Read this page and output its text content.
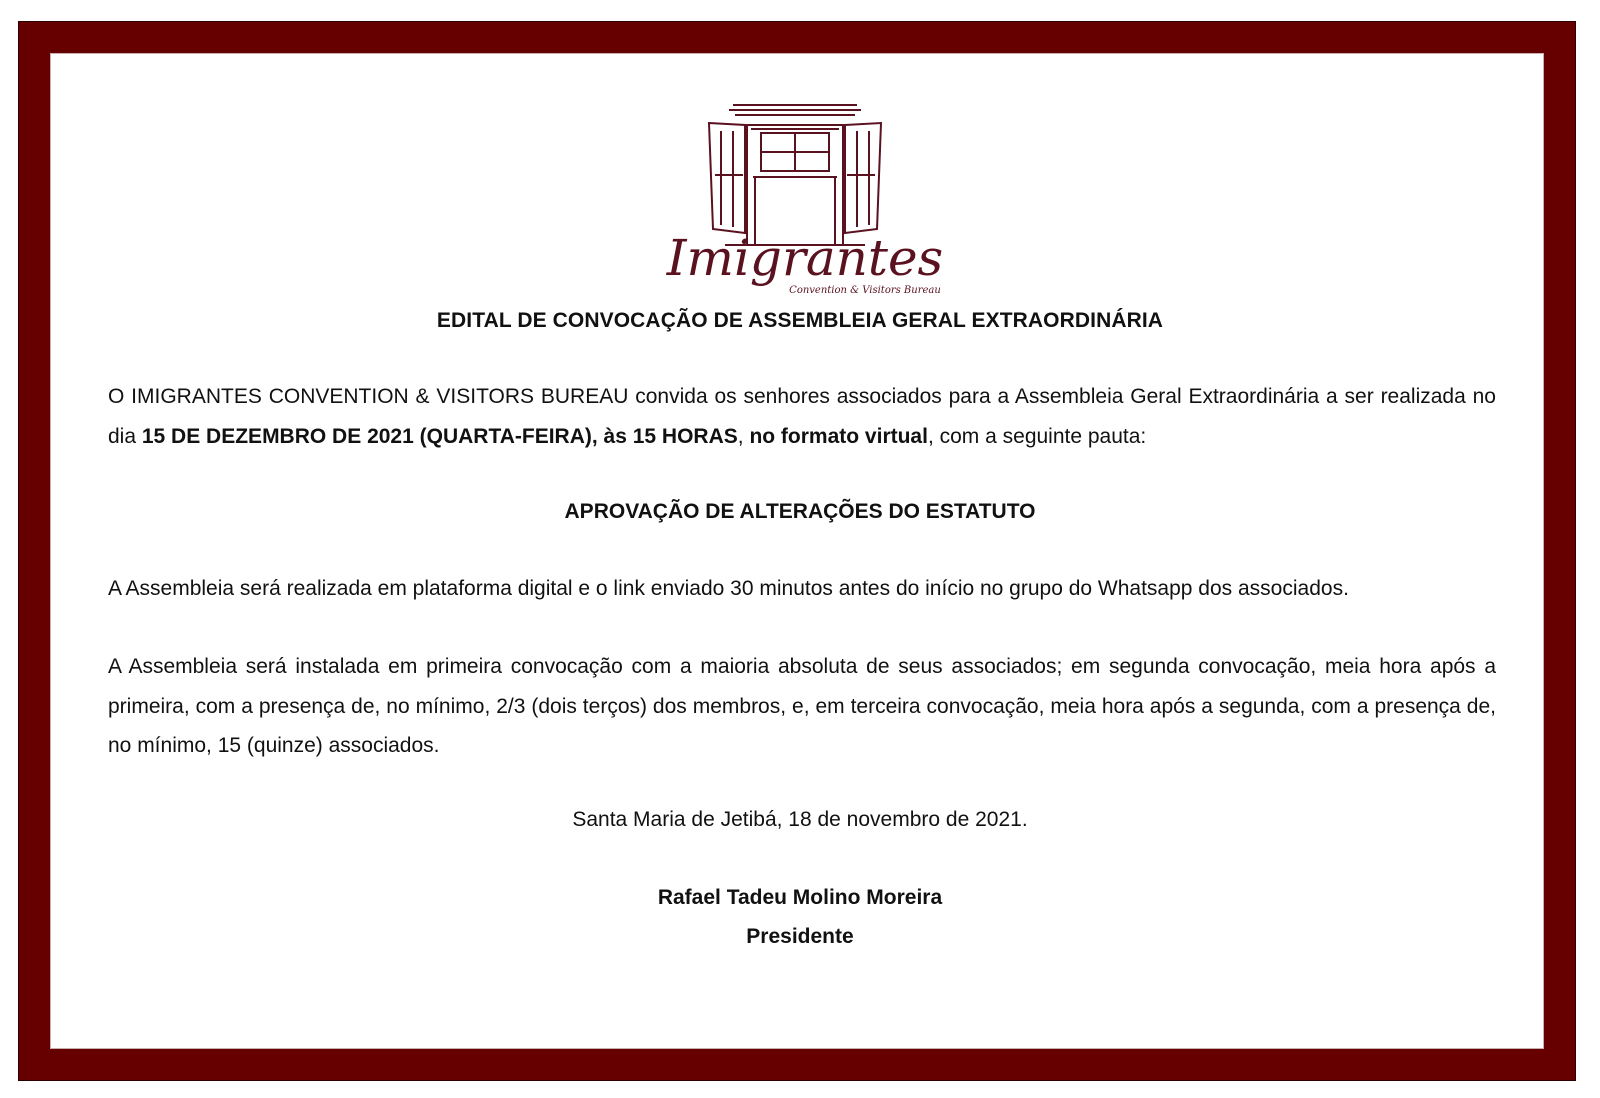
Imigrantes
Convention & Visitors Bureau
EDITAL DE CONVOCAÇÃO DE ASSEMBLEIA GERAL EXTRAORDINÁRIA
O IMIGRANTES CONVENTION & VISITORS BUREAU convida os senhores associados para a Assembleia Geral Extraordinária a ser realizada no dia 15 DE DEZEMBRO DE 2021 (QUARTA-FEIRA), às 15 HORAS, no formato virtual, com a seguinte pauta:
APROVAÇÃO DE ALTERAÇÕES DO ESTATUTO
A Assembleia será realizada em plataforma digital e o link enviado 30 minutos antes do início no grupo do Whatsapp dos associados.
A Assembleia será instalada em primeira convocação com a maioria absoluta de seus associados; em segunda convocação, meia hora após a primeira, com a presença de, no mínimo, 2/3 (dois terços) dos membros, e, em terceira convocação, meia hora após a segunda, com a presença de, no mínimo, 15 (quinze) associados.
Santa Maria de Jetibá, 18 de novembro de 2021.
Rafael Tadeu Molino Moreira
Presidente
